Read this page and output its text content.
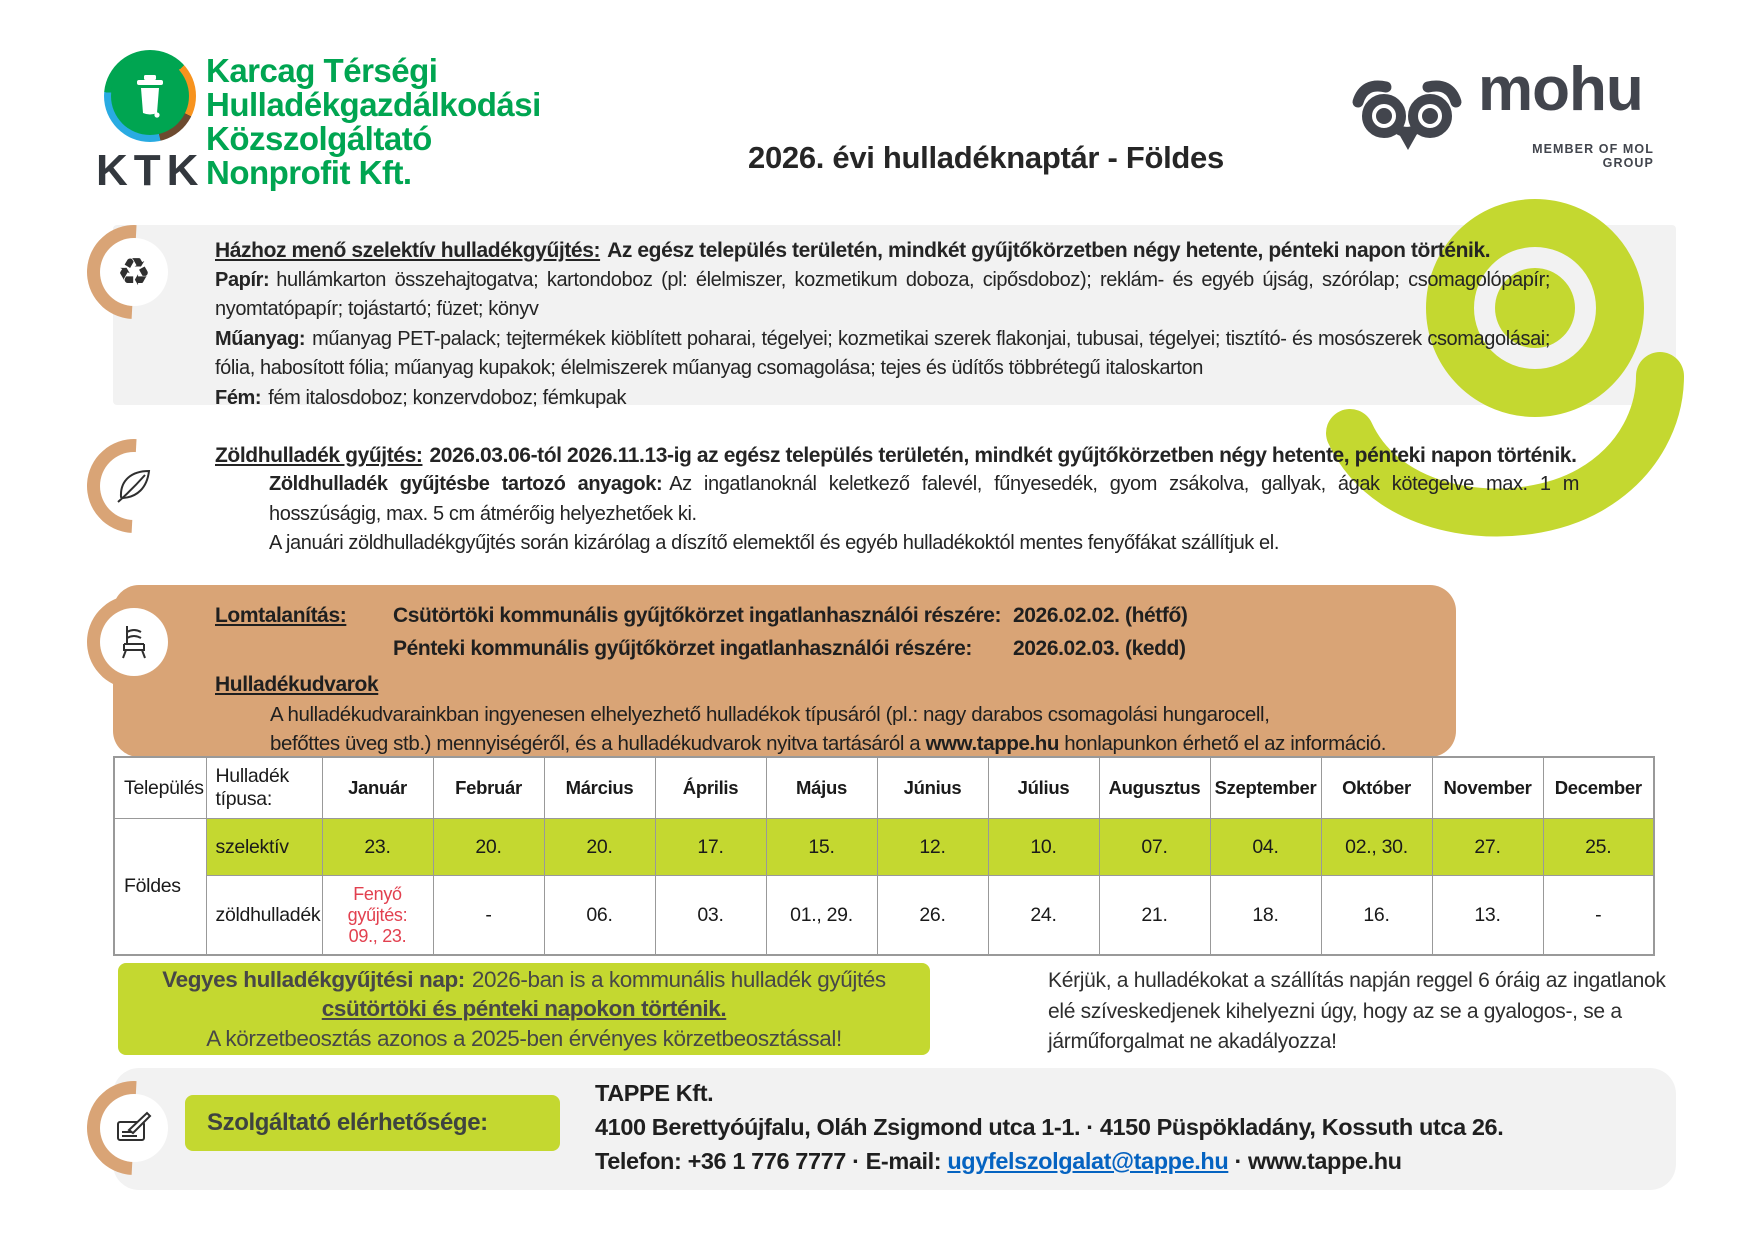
KTK
Karcag Térségi
Hulladékgazdálkodási
Közszolgáltató
Nonprofit Kft.	2026. évi hulladéknaptár - Földes
mohu
MEMBER OF MOL GROUP
♻	Házhoz menő szelektív hulladékgyűjtés: Az egész település területén, mindkét gyűjtőkörzetben négy hetente, pénteki napon történik.

Papír: hullámkarton összehajtogatva; kartondoboz (pl: élelmiszer, kozmetikum doboza, cipősdoboz); reklám- és egyéb újság, szórólap; csomagolópapír; nyomtatópapír; tojástartó; füzet; könyv

Műanyag: műanyag PET-palack; tejtermékek kiöblített poharai, tégelyei; kozmetikai szerek flakonjai, tubusai, tégelyei; tisztító- és mosószerek csomagolásai; fólia, habosított fólia; műanyag kupakok; élelmiszerek műanyag csomagolása; tejes és üdítős többrétegű italoskarton

Fém: fém italosdoboz; konzervdoboz; fémkupak

Zöldhulladék gyűjtés: 2026.03.06-tól 2026.11.13-ig az egész település területén, mindkét gyűjtőkörzetben négy hetente, pénteki napon történik.

Zöldhulladék gyűjtésbe tartozó anyagok: Az ingatlanoknál keletkező falevél, fűnyesedék, gyom zsákolva, gallyak, ágak kötegelve max. 1 m hosszúságig, max. 5 cm átmérőig helyezhetőek ki.

A januári zöldhulladékgyűjtés során kizárólag a díszítő elemektől és egyéb hulladékoktól mentes fenyőfákat szállítjuk el.
Lomtalanítás:	Csütörtöki kommunális gyűjtőkörzet ingatlanhasználói részére: 2026.02.02. (hétfő)
Pénteki kommunális gyűjtőkörzet ingatlanhasználói részére:	2026.02.03. (kedd)
Hulladékudvarok
A hulladékudvarainkban ingyenesen elhelyezhető hulladékok típusáról (pl.: nagy darabos csomagolási hungarocell,
befőttes üveg stb.) mennyiségéről, és a hulladékudvarok nyitva tartásáról a www.tappe.hu honlapunkon érhető el az információ.
Település	Hulladék típusa:	Január	Február	Március	Április	Május	Június	Július	Augusztus	Szeptember	Október	November	December
Földes	szelektív	23.	20.	20.	17.	15.	12.	10.	07.	04.	02., 30.	27.	25.
	zöldhulladék	Fenyő gyűjtés: 09., 23.	-	06.	03.	01., 29.	26.	24.	21.	18.	16.	13.	-
Vegyes hulladékgyűjtési nap: 2026-ban is a kommunális hulladék gyűjtés
csütörtöki és pénteki napokon történik.
A körzetbeosztás azonos a 2025-ben érvényes körzetbeosztással!
Kérjük, a hulladékokat a szállítás napján reggel 6 óráig az ingatlanok elé szíveskedjenek kihelyezni úgy, hogy az se a gyalogos-, se a járműforgalmat ne akadályozza!
Szolgáltató elérhetősége:
TAPPE Kft.
4100 Berettyóújfalu, Oláh Zsigmond utca 1-1. · 4150 Püspökladány, Kossuth utca 26.
Telefon: +36 1 776 7777 · E-mail: ugyfelszolgalat@tappe.hu · www.tappe.hu
